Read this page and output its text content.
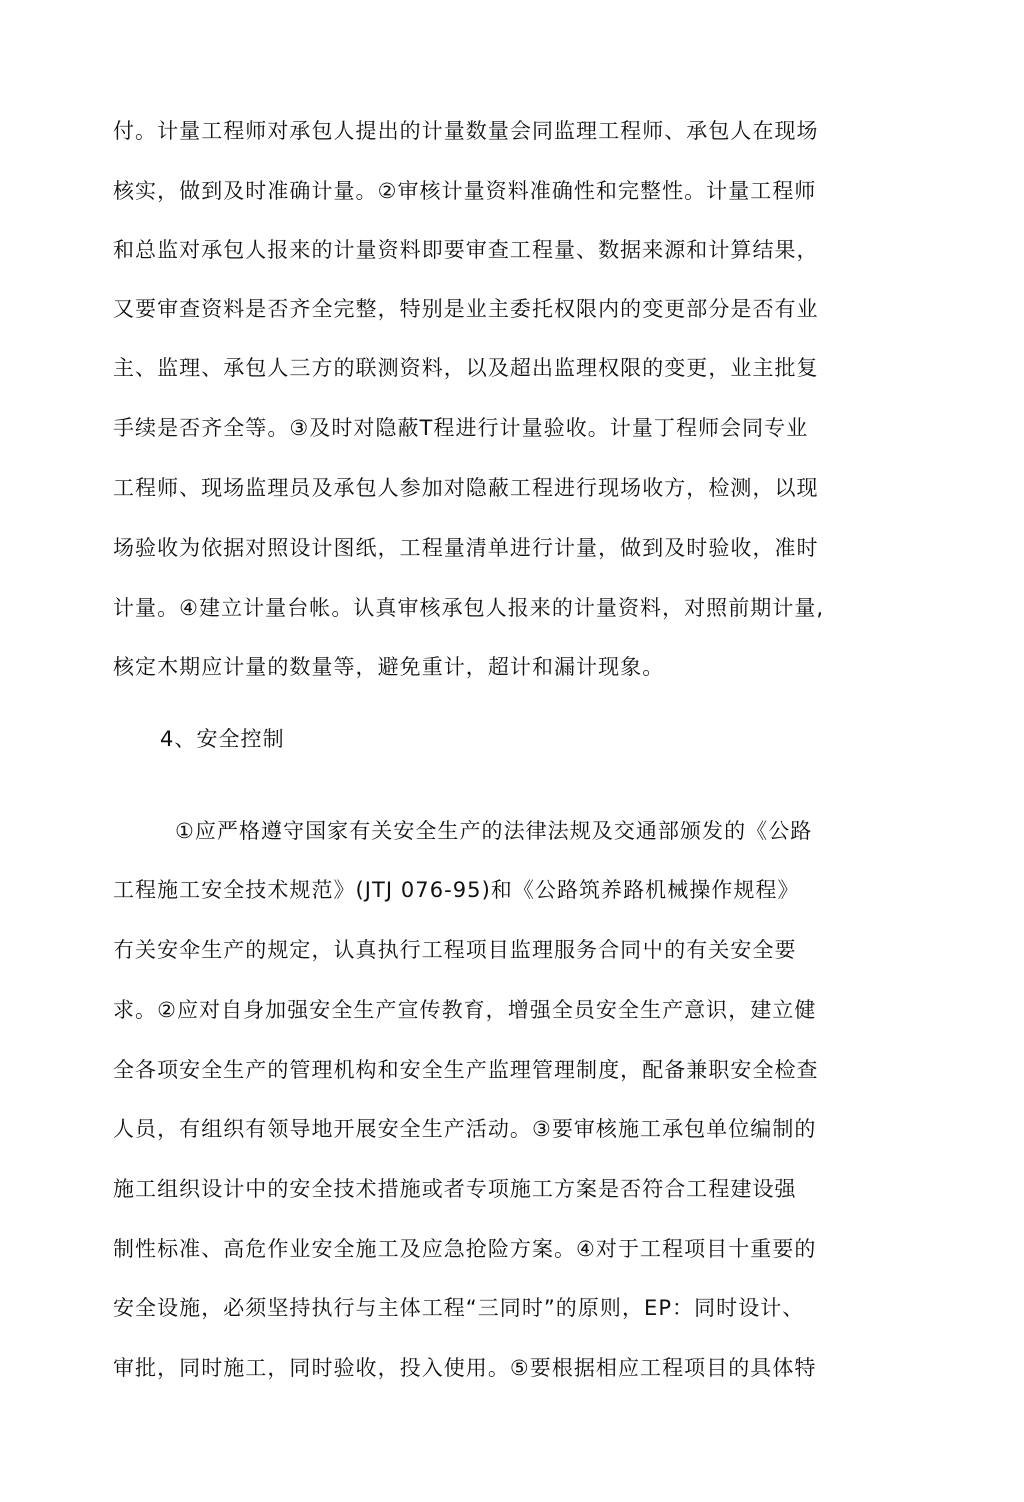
付。计量工程师对承包人提出的计量数量会同监理工程师、承包人在现场
核实，做到及时准确计量。②审核计量资料准确性和完整性。计量工程师
和总监对承包人报来的计量资料即要审查工程量、数据来源和计算结果，
又要审查资料是否齐全完整，特别是业主委托权限内的变更部分是否有业
主、监理、承包人三方的联测资料，以及超出监理权限的变更，业主批复
手续是否齐全等。③及时对隐蔽T程进行计量验收。计量丁程师会同专业
工程师、现场监理员及承包人参加对隐蔽工程进行现场收方，检测，以现
场验收为依据对照设计图纸，工程量清单进行计量，做到及时验收，准时
计量。④建立计量台帐。认真审核承包人报来的计量资料，对照前期计量,
核定木期应计量的数量等，避免重计，超计和漏计现象。
4、安全控制
①应严格遵守国家有关安全生产的法律法规及交通部颁发的《公路
工程施工安全技术规范》(JTJ 076-95)和《公路筑养路机械操作规程》
冇关安伞生产的规定，认真执行工程项目监理服务合同屮的有关安全要
求。②应对自身加强安全生产宣传教育，增强全员安全生产意识，建立健
全各项安全生产的管理机构和安全生产监理管理制度，配备兼职安全检查
人员，有组织有领导地开展安全生产活动。③要审核施工承包单位编制的
施工组织设计中的安全技术措施或者专项施工方案是否符合工程建设强
制性标准、高危作业安全施工及应急抢险方案。④对于工程项目十重要的
安全设施，必须坚持执行与主体工程“三同时”的原则，EP：同时设计、
审批，同时施工，同时验收，投入使用。⑤要根据相应工程项目的具体特
